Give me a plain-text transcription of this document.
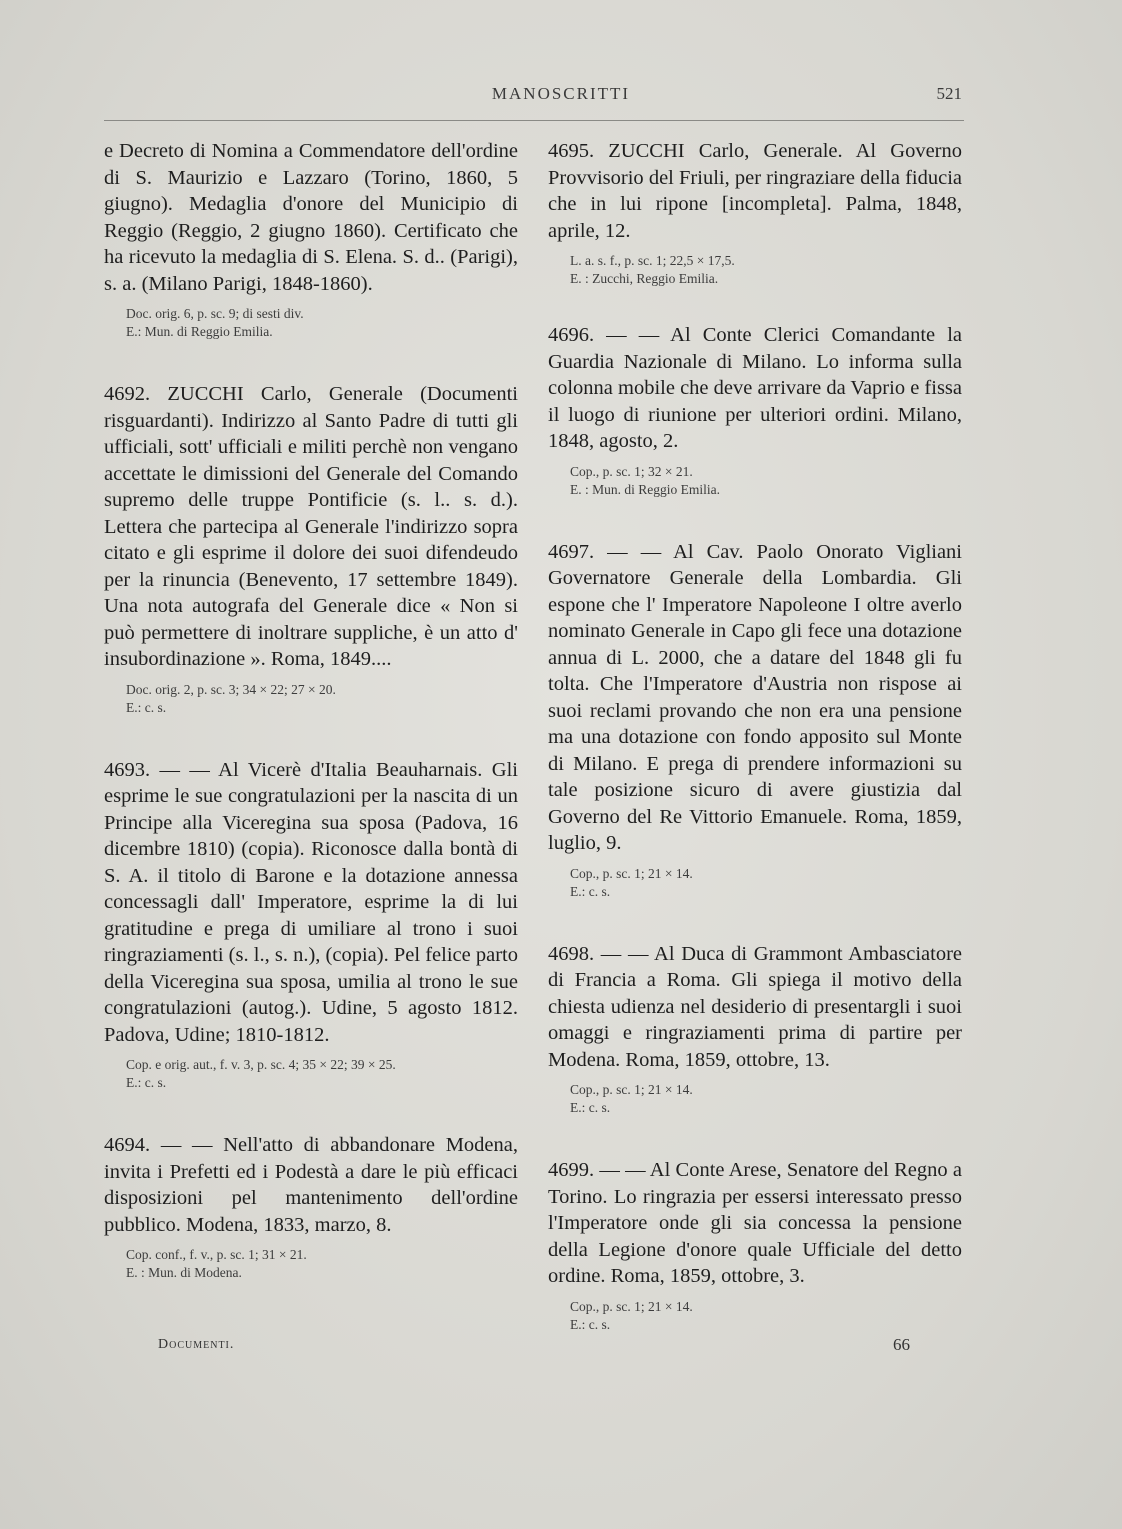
MANOSCRITTI	521
e Decreto di Nomina a Commendatore dell'ordine di S. Maurizio e Lazzaro (Torino, 1860, 5 giugno). Medaglia d'onore del Municipio di Reggio (Reggio, 2 giugno 1860). Certificato che ha ricevuto la medaglia di S. Elena. S. d.. (Parigi), s. a. (Milano Parigi, 1848-1860).
Doc. orig. 6, p. sc. 9; di sesti div.
E.: Mun. di Reggio Emilia.
4692. ZUCCHI Carlo, Generale (Documenti risguardanti). Indirizzo al Santo Padre di tutti gli ufficiali, sott' ufficiali e militi perchè non vengano accettate le dimissioni del Generale del Comando supremo delle truppe Pontificie (s. l.. s. d.). Lettera che partecipa al Generale l'indirizzo sopra citato e gli esprime il dolore dei suoi difendeudo per la rinuncia (Benevento, 17 settembre 1849). Una nota autografa del Generale dice « Non si può permettere di inoltrare suppliche, è un atto d' insubordinazione ». Roma, 1849....
Doc. orig. 2, p. sc. 3; 34 × 22; 27 × 20.
E.: c. s.
4693. — — Al Vicerè d'Italia Beauharnais. Gli esprime le sue congratulazioni per la nascita di un Principe alla Viceregina sua sposa (Padova, 16 dicembre 1810) (copia). Riconosce dalla bontà di S. A. il titolo di Barone e la dotazione annessa concessagli dall' Imperatore, esprime la di lui gratitudine e prega di umiliare al trono i suoi ringraziamenti (s. l., s. n.), (copia). Pel felice parto della Viceregina sua sposa, umilia al trono le sue congratulazioni (autog.). Udine, 5 agosto 1812. Padova, Udine; 1810-1812.
Cop. e orig. aut., f. v. 3, p. sc. 4; 35 × 22; 39 × 25.
E.: c. s.
4694. — — Nell'atto di abbandonare Modena, invita i Prefetti ed i Podestà a dare le più efficaci disposizioni pel mantenimento dell'ordine pubblico. Modena, 1833, marzo, 8.
Cop. conf., f. v., p. sc. 1; 31 × 21.
E. : Mun. di Modena.
4695. ZUCCHI Carlo, Generale. Al Governo Provvisorio del Friuli, per ringraziare della fiducia che in lui ripone [incompleta]. Palma, 1848, aprile, 12.
L. a. s. f., p. sc. 1; 22,5 × 17,5.
E. : Zucchi, Reggio Emilia.
4696. — — Al Conte Clerici Comandante la Guardia Nazionale di Milano. Lo informa sulla colonna mobile che deve arrivare da Vaprio e fissa il luogo di riunione per ulteriori ordini. Milano, 1848, agosto, 2.
Cop., p. sc. 1; 32 × 21.
E. : Mun. di Reggio Emilia.
4697. — — Al Cav. Paolo Onorato Vigliani Governatore Generale della Lombardia. Gli espone che l' Imperatore Napoleone I oltre averlo nominato Generale in Capo gli fece una dotazione annua di L. 2000, che a datare del 1848 gli fu tolta. Che l'Imperatore d'Austria non rispose ai suoi reclami provando che non era una pensione ma una dotazione con fondo apposito sul Monte di Milano. E prega di prendere informazioni su tale posizione sicuro di avere giustizia dal Governo del Re Vittorio Emanuele. Roma, 1859, luglio, 9.
Cop., p. sc. 1; 21 × 14.
E.: c. s.
4698. — — Al Duca di Grammont Ambasciatore di Francia a Roma. Gli spiega il motivo della chiesta udienza nel desiderio di presentargli i suoi omaggi e ringraziamenti prima di partire per Modena. Roma, 1859, ottobre, 13.
Cop., p. sc. 1; 21 × 14.
E.: c. s.
4699. — — Al Conte Arese, Senatore del Regno a Torino. Lo ringrazia per essersi interessato presso l'Imperatore onde gli sia concessa la pensione della Legione d'onore quale Ufficiale del detto ordine. Roma, 1859, ottobre, 3.
Cop., p. sc. 1; 21 × 14.
E.: c. s.
Documenti.	66
